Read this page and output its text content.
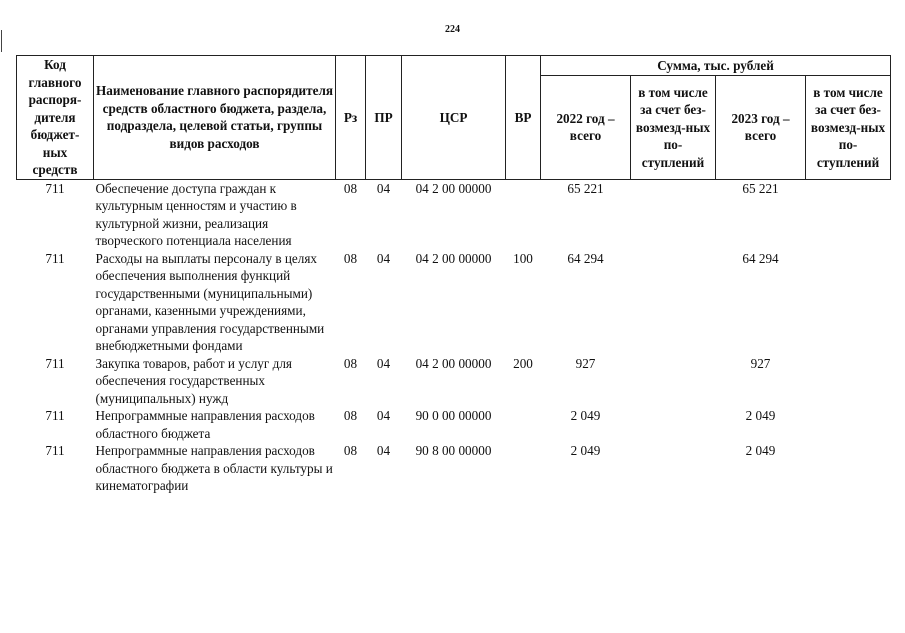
224
Код главного распоря-дителя бюджет-ных средств	Наименование главного распорядителя средств областного бюджета, раздела, подраздела, целевой статьи, группы видов расходов	Рз	ПР	ЦСР	ВР	Сумма, тыс. рублей			
						2022 год – всего	в том числе за счет без-возмезд-ных по-ступлений	2023 год – всего	в том числе за счет без-возмезд-ных по-ступлений
711	Обеспечение доступа граждан к культурным ценностям и участию в культурной жизни, реализация творческого потенциала населения	08	04	04 2 00 00000		65 221		65 221	
711	Расходы на выплаты персоналу в целях обеспечения выполнения функций государственными (муниципальными) органами, казенными учреждениями, органами управления государственными внебюджетными фондами	08	04	04 2 00 00000	100	64 294		64 294	
711	Закупка товаров, работ и услуг для обеспечения государственных (муниципальных) нужд	08	04	04 2 00 00000	200	927		927	
711	Непрограммные направления расходов областного бюджета	08	04	90 0 00 00000		2 049		2 049	
711	Непрограммные направления расходов областного бюджета в области культуры и кинематографии	08	04	90 8 00 00000		2 049		2 049	
